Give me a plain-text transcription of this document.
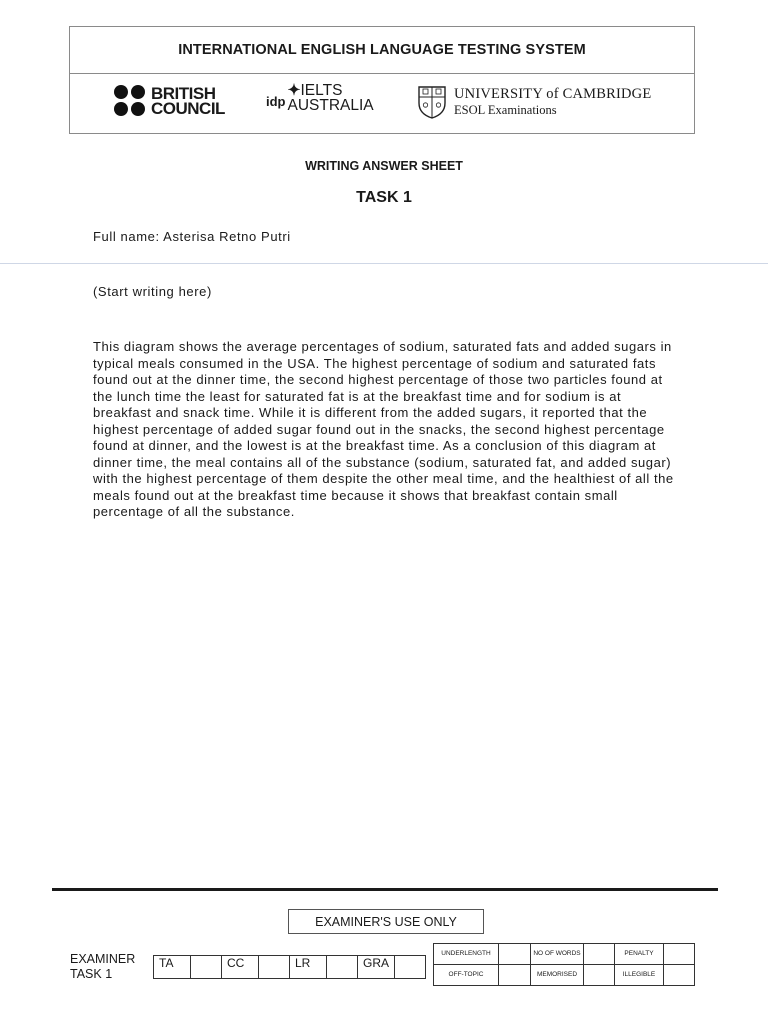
INTERNATIONAL ENGLISH LANGUAGE TESTING SYSTEM
BRITISH
COUNCIL	idp
✦IELTS
AUSTRALIA
UNIVERSITY of CAMBRIDGE
ESOL Examinations
WRITING ANSWER SHEET
TASK 1
Full name: Asterisa Retno Putri
(Start writing here)
This diagram shows the average percentages of sodium, saturated fats and added sugars in typical meals consumed in the USA. The highest percentage of sodium and saturated fats found out at the dinner time, the second highest percentage of those two particles found at the lunch time the least for saturated fat is at the breakfast time and for sodium is at breakfast and snack time. While it is different from the added sugars, it reported that the highest percentage of added sugar found out in the snacks, the second highest percentage found at dinner, and the lowest is at the breakfast time. As a conclusion of this diagram at dinner time, the meal contains all of the substance (sodium, saturated fat, and added sugar) with the highest percentage of them despite the other meal time, and the healthiest of all the meals found out at the breakfast time because it shows that breakfast contain small percentage of all the substance.
EXAMINER'S USE ONLY
EXAMINER
TASK 1
TA		CC		LR		GRA	
UNDERLENGTH		NO OF WORDS		PENALTY	
OFF-TOPIC		MEMORISED		ILLEGIBLE	
